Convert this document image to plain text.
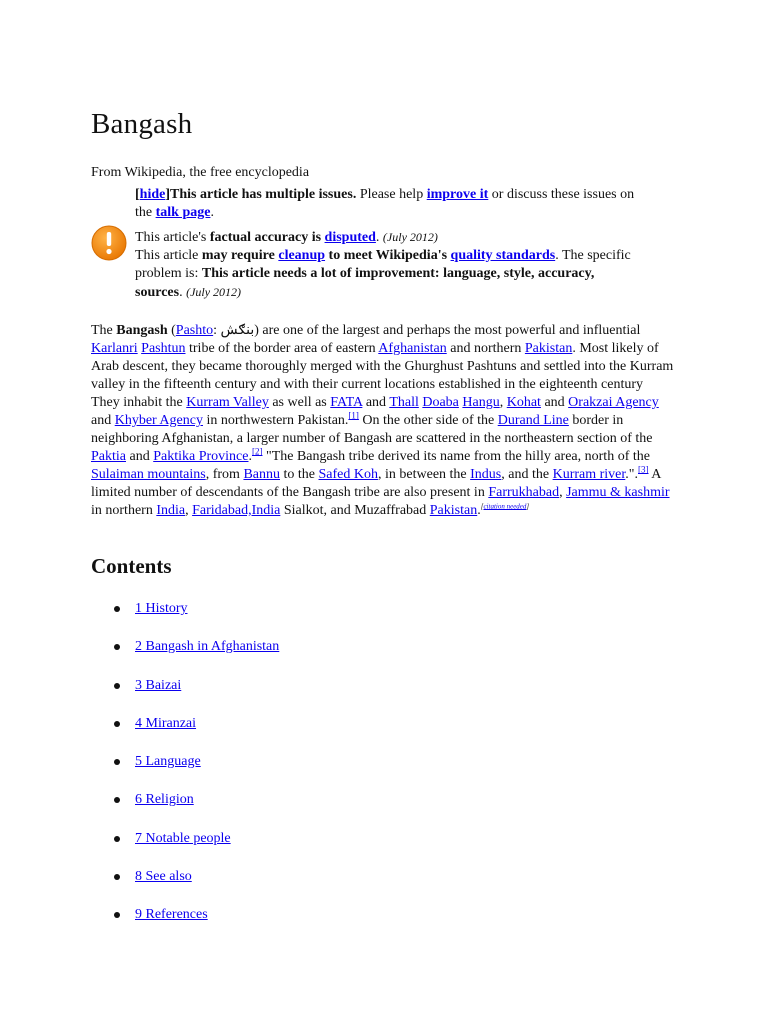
Bangash
From Wikipedia, the free encyclopedia
[hide]This article has multiple issues. Please help improve it or discuss these issues on the talk page.

This article's factual accuracy is disputed. (July 2012)

This article may require cleanup to meet Wikipedia's quality standards. The specific problem is: This article needs a lot of improvement: language, style, accuracy, sources. (July 2012)

The Bangash (Pashto: بنګش) are one of the largest and perhaps the most powerful and influential Karlanri Pashtun tribe of the border area of eastern Afghanistan and northern Pakistan. Most likely of Arab descent, they became thoroughly merged with the Ghurghust Pashtuns and settled into the Kurram valley in the fifteenth century and with their current locations established in the eighteenth century They inhabit the Kurram Valley as well as FATA and Thall Doaba Hangu, Kohat and Orakzai Agency and Khyber Agency in northwestern Pakistan.[1] On the other side of the Durand Line border in neighboring Afghanistan, a larger number of Bangash are scattered in the northeastern section of the Paktia and Paktika Province.[2] "The Bangash tribe derived its name from the hilly area, north of the Sulaiman mountains, from Bannu to the Safed Koh, in between the Indus, and the Kurram river.".[3] A limited number of descendants of the Bangash tribe are also present in Farrukhabad, Jammu & kashmir in northern India, Faridabad,India Sialkot, and Muzaffrabad Pakistan.[citation needed]

Contents
1 History
2 Bangash in Afghanistan
3 Baizai
4 Miranzai
5 Language
6 Religion
7 Notable people
8 See also
9 References
